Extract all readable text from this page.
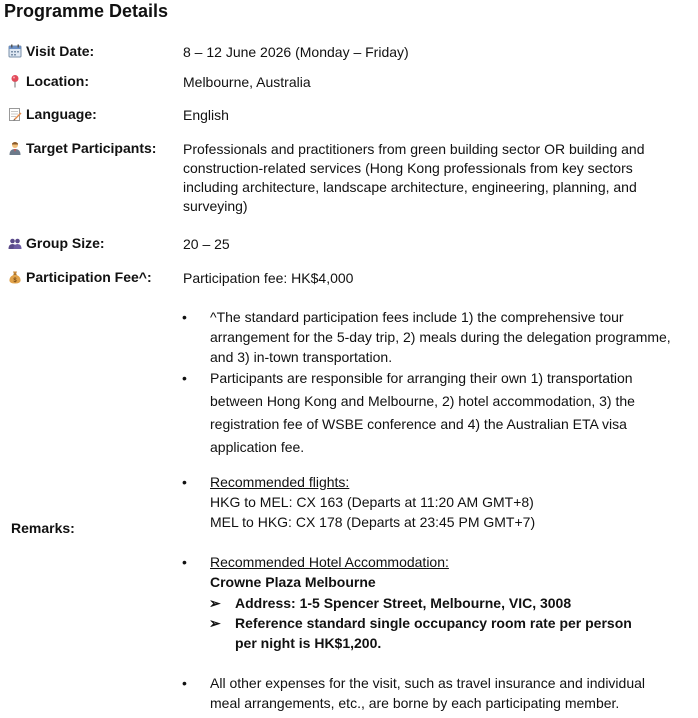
Programme Details
Visit Date:	8 – 12 June 2026 (Monday – Friday)
Location:	Melbourne, Australia
Language:	English
Target Participants: Professionals and practitioners from green building sector OR building and
construction-related services (Hong Kong professionals from key sectors
including architecture, landscape architecture, engineering, planning, and
surveying)
Group Size:	20 – 25
$ Participation Fee^: Participation fee: HK$4,000
Remarks:
• ^The standard participation fees include 1) the comprehensive tour
arrangement for the 5-day trip, 2) meals during the delegation programme,
and 3) in-town transportation.
• Participants are responsible for arranging their own 1) transportation
between Hong Kong and Melbourne, 2) hotel accommodation, 3) the
registration fee of WSBE conference and 4) the Australian ETA visa
application fee.
• Recommended flights:
HKG to MEL: CX 163 (Departs at 11:20 AM GMT+8)
MEL to HKG: CX 178 (Departs at 23:45 PM GMT+7)
• Recommended Hotel Accommodation:
Crowne Plaza Melbourne
➢ Address: 1-5 Spencer Street, Melbourne, VIC, 3008
➢ Reference standard single occupancy room rate per person
per night is HK$1,200.
• All other expenses for the visit, such as travel insurance and individual
meal arrangements, etc., are borne by each participating member.
